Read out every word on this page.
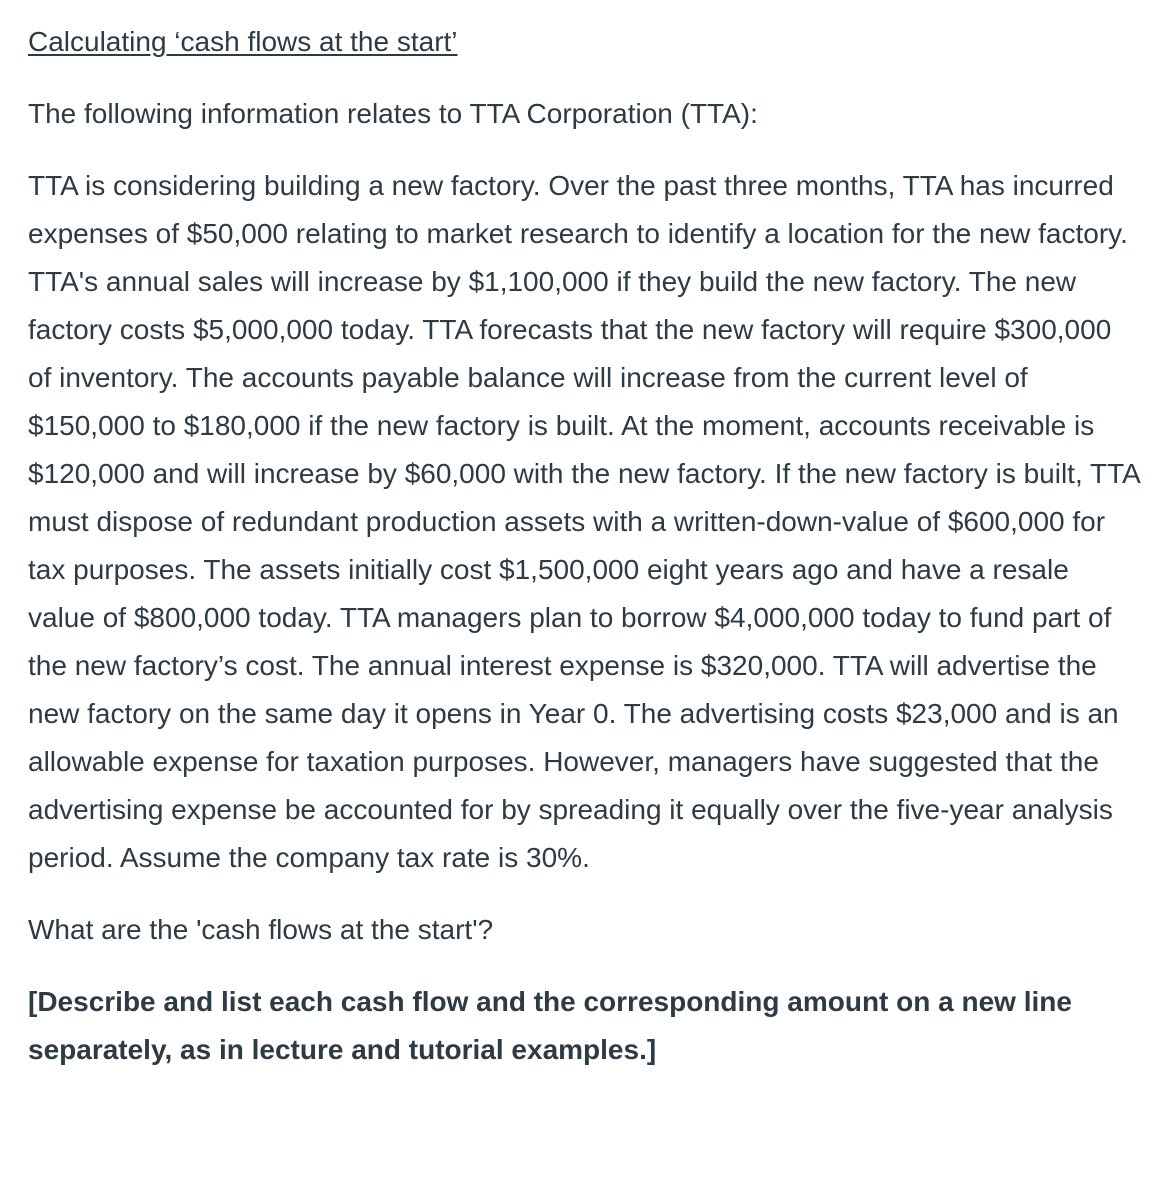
Calculating ‘cash flows at the start’

The following information relates to TTA Corporation (TTA):

TTA is considering building a new factory. Over the past three months, TTA has incurred expenses of $50,000 relating to market research to identify a location for the new factory. TTA's annual sales will increase by $1,100,000 if they build the new factory. The new factory costs $5,000,000 today. TTA forecasts that the new factory will require $300,000 of inventory. The accounts payable balance will increase from the current level of $150,000 to $180,000 if the new factory is built. At the moment, accounts receivable is $120,000 and will increase by $60,000 with the new factory. If the new factory is built, TTA must dispose of redundant production assets with a written-down-value of $600,000 for tax purposes. The assets initially cost $1,500,000 eight years ago and have a resale value of $800,000 today. TTA managers plan to borrow $4,000,000 today to fund part of the new factory’s cost. The annual interest expense is $320,000. TTA will advertise the new factory on the same day it opens in Year 0. The advertising costs $23,000 and is an allowable expense for taxation purposes. However, managers have suggested that the advertising expense be accounted for by spreading it equally over the five-year analysis period. Assume the company tax rate is 30%.

What are the 'cash flows at the start'?

[Describe and list each cash flow and the corresponding amount on a new line separately, as in lecture and tutorial examples.]
